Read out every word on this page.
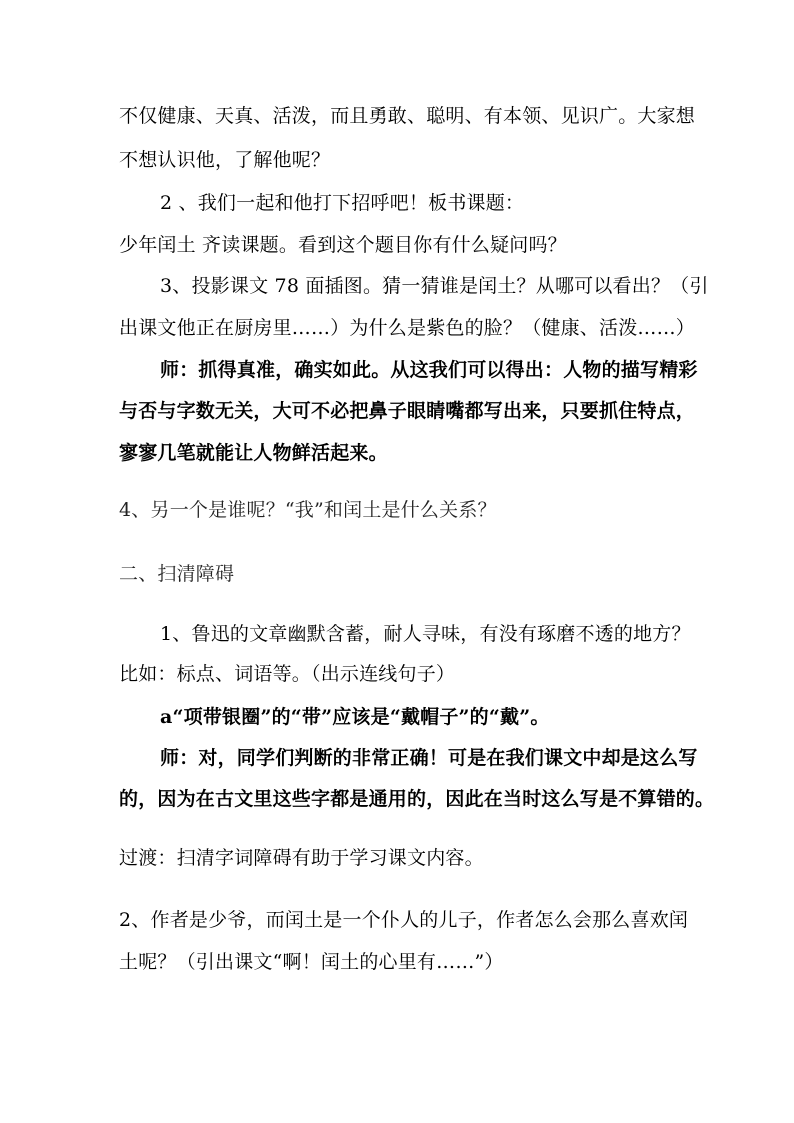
不仅健康、天真、活泼，而且勇敢、聪明、有本领、见识广。大家想
不想认识他，了解他呢？
2 、我们一起和他打下招呼吧！板书课题：
少年闰土 齐读课题。看到这个题目你有什么疑问吗？
3、投影课文 78 面插图。猜一猜谁是闰土？从哪可以看出？（引
出课文他正在厨房里……）为什么是紫色的脸？（健康、活泼……）
师：抓得真准，确实如此。从这我们可以得出：人物的描写精彩
与否与字数无关，大可不必把鼻子眼睛嘴都写出来，只要抓住特点，
寥寥几笔就能让人物鲜活起来。
4、另一个是谁呢？“我”和闰土是什么关系？
二、扫清障碍
1、鲁迅的文章幽默含蓄，耐人寻味，有没有琢磨不透的地方？
比如：标点、词语等。（出示连线句子）
a“项带银圈”的“带”应该是“戴帽子”的“戴”。
师：对，同学们判断的非常正确！可是在我们课文中却是这么写
的，因为在古文里这些字都是通用的，因此在当时这么写是不算错的。
过渡：扫清字词障碍有助于学习课文内容。
2、作者是少爷，而闰土是一个仆人的儿子，作者怎么会那么喜欢闰
土呢？（引出课文“啊！闰土的心里有……”）
